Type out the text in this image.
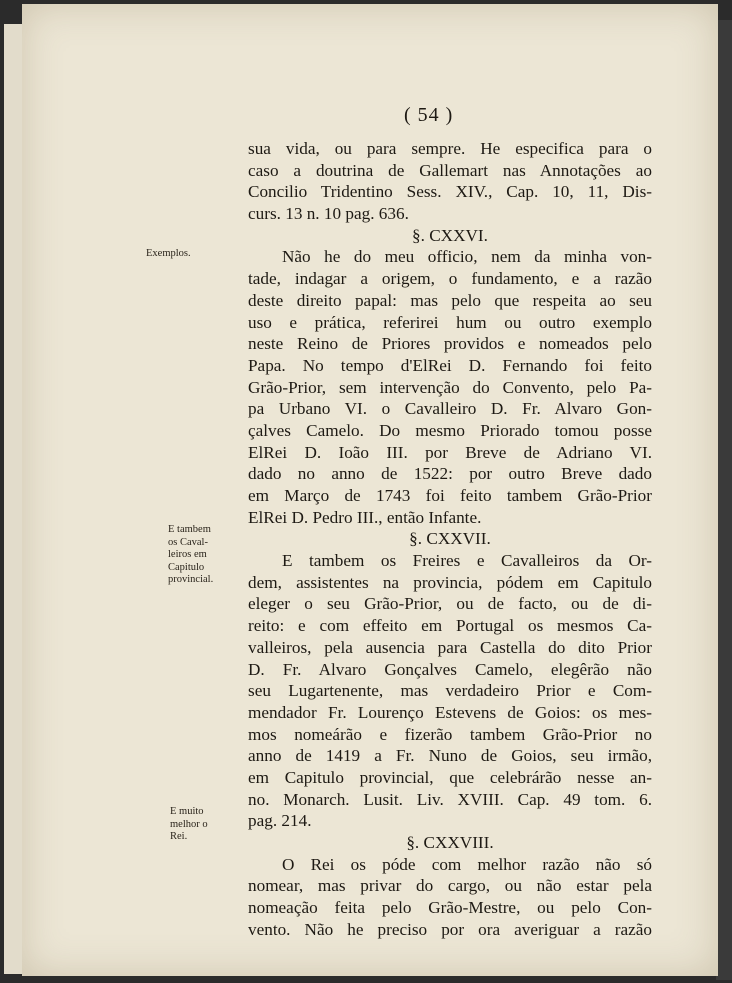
( 54 )
Exemplos.
E tambem
os Caval-
leiros em
Capitulo
provincial.
E muito
melhor o
Rei.
sua vida, ou para sempre. He especifica para o
caso a doutrina de Gallemart nas Annotações ao
Concilio Tridentino Sess. XIV., Cap. 10, 11, Dis-
curs. 13 n. 10 pag. 636.
§. CXXVI.
Não he do meu officio, nem da minha von-
tade, indagar a origem, o fundamento, e a razão
deste direito papal: mas pelo que respeita ao seu
uso e prática, referirei hum ou outro exemplo
neste Reino de Priores providos e nomeados pelo
Papa. No tempo d'ElRei D. Fernando foi feito
Grão-Prior, sem intervenção do Convento, pelo Pa-
pa Urbano VI. o Cavalleiro D. Fr. Alvaro Gon-
çalves Camelo. Do mesmo Priorado tomou posse
ElRei D. Ioão III. por Breve de Adriano VI.
dado no anno de 1522: por outro Breve dado
em Março de 1743 foi feito tambem Grão-Prior
ElRei D. Pedro III., então Infante.
§. CXXVII.
E tambem os Freires e Cavalleiros da Or-
dem, assistentes na provincia, pódem em Capitulo
eleger o seu Grão-Prior, ou de facto, ou de di-
reito: e com effeito em Portugal os mesmos Ca-
valleiros, pela ausencia para Castella do dito Prior
D. Fr. Alvaro Gonçalves Camelo, elegêrão não
seu Lugartenente, mas verdadeiro Prior e Com-
mendador Fr. Lourenço Estevens de Goios: os mes-
mos nomeárão e fizerão tambem Grão-Prior no
anno de 1419 a Fr. Nuno de Goios, seu irmão,
em Capitulo provincial, que celebrárão nesse an-
no. Monarch. Lusit. Liv. XVIII. Cap. 49 tom. 6.
pag. 214.
§. CXXVIII.
O Rei os póde com melhor razão não só
nomear, mas privar do cargo, ou não estar pela
nomeação feita pelo Grão-Mestre, ou pelo Con-
vento. Não he preciso por ora averiguar a razão
